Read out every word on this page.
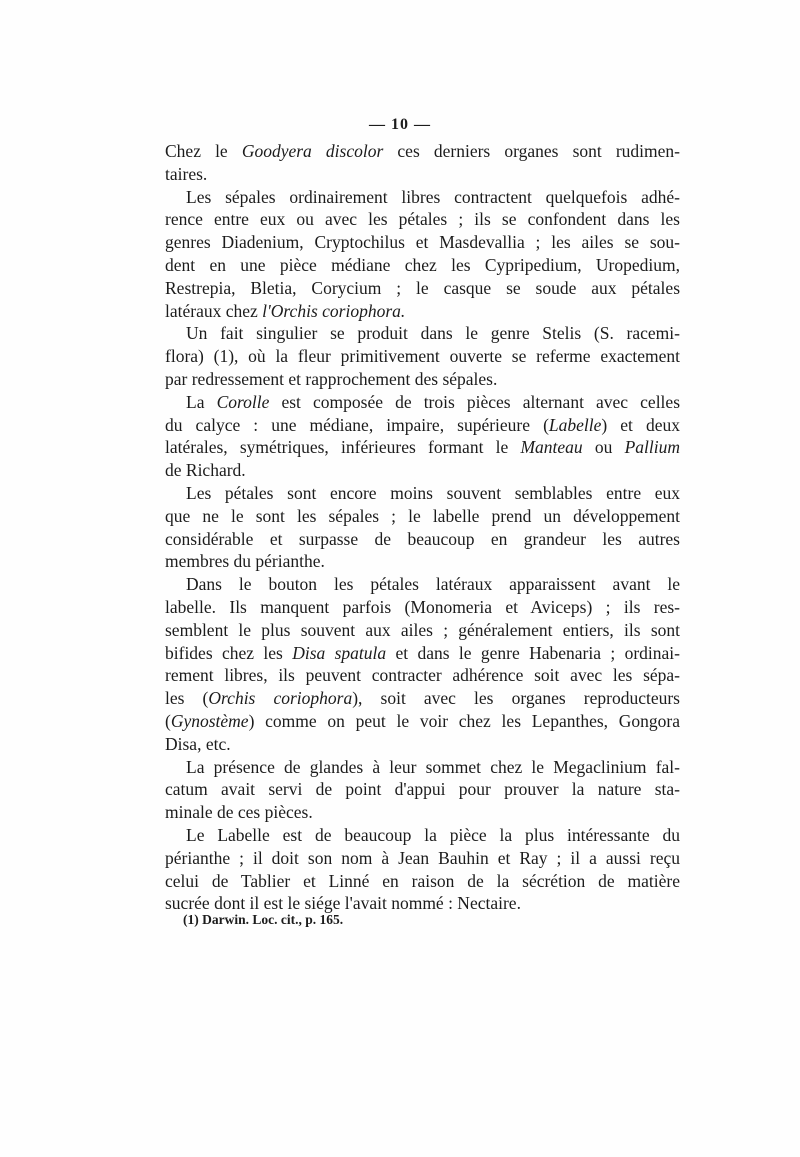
— 10 —
Chez le Goodyera discolor ces derniers organes sont rudimen-
taires.
Les sépales ordinairement libres contractent quelquefois adhé-
rence entre eux ou avec les pétales ; ils se confondent dans les
genres Diadenium, Cryptochilus et Masdevallia ; les ailes se sou-
dent en une pièce médiane chez les Cypripedium, Uropedium,
Restrepia, Bletia, Corycium ; le casque se soude aux pétales
latéraux chez l'Orchis coriophora.
Un fait singulier se produit dans le genre Stelis (S. racemi-
flora) (1), où la fleur primitivement ouverte se referme exactement
par redressement et rapprochement des sépales.
La Corolle est composée de trois pièces alternant avec celles
du calyce : une médiane, impaire, supérieure (Labelle) et deux
latérales, symétriques, inférieures formant le Manteau ou Pallium
de Richard.
Les pétales sont encore moins souvent semblables entre eux
que ne le sont les sépales ; le labelle prend un développement
considérable et surpasse de beaucoup en grandeur les autres
membres du périanthe.
Dans le bouton les pétales latéraux apparaissent avant le
labelle. Ils manquent parfois (Monomeria et Aviceps) ; ils res-
semblent le plus souvent aux ailes ; généralement entiers, ils sont
bifides chez les Disa spatula et dans le genre Habenaria ; ordinai-
rement libres, ils peuvent contracter adhérence soit avec les sépa-
les (Orchis coriophora), soit avec les organes reproducteurs
(Gynostème) comme on peut le voir chez les Lepanthes, Gongora
Disa, etc.
La présence de glandes à leur sommet chez le Megaclinium fal-
catum avait servi de point d'appui pour prouver la nature sta-
minale de ces pièces.
Le Labelle est de beaucoup la pièce la plus intéressante du
périanthe ; il doit son nom à Jean Bauhin et Ray ; il a aussi reçu
celui de Tablier et Linné en raison de la sécrétion de matière
sucrée dont il est le siége l'avait nommé : Nectaire.
(1) Darwin. Loc. cit., p. 165.
